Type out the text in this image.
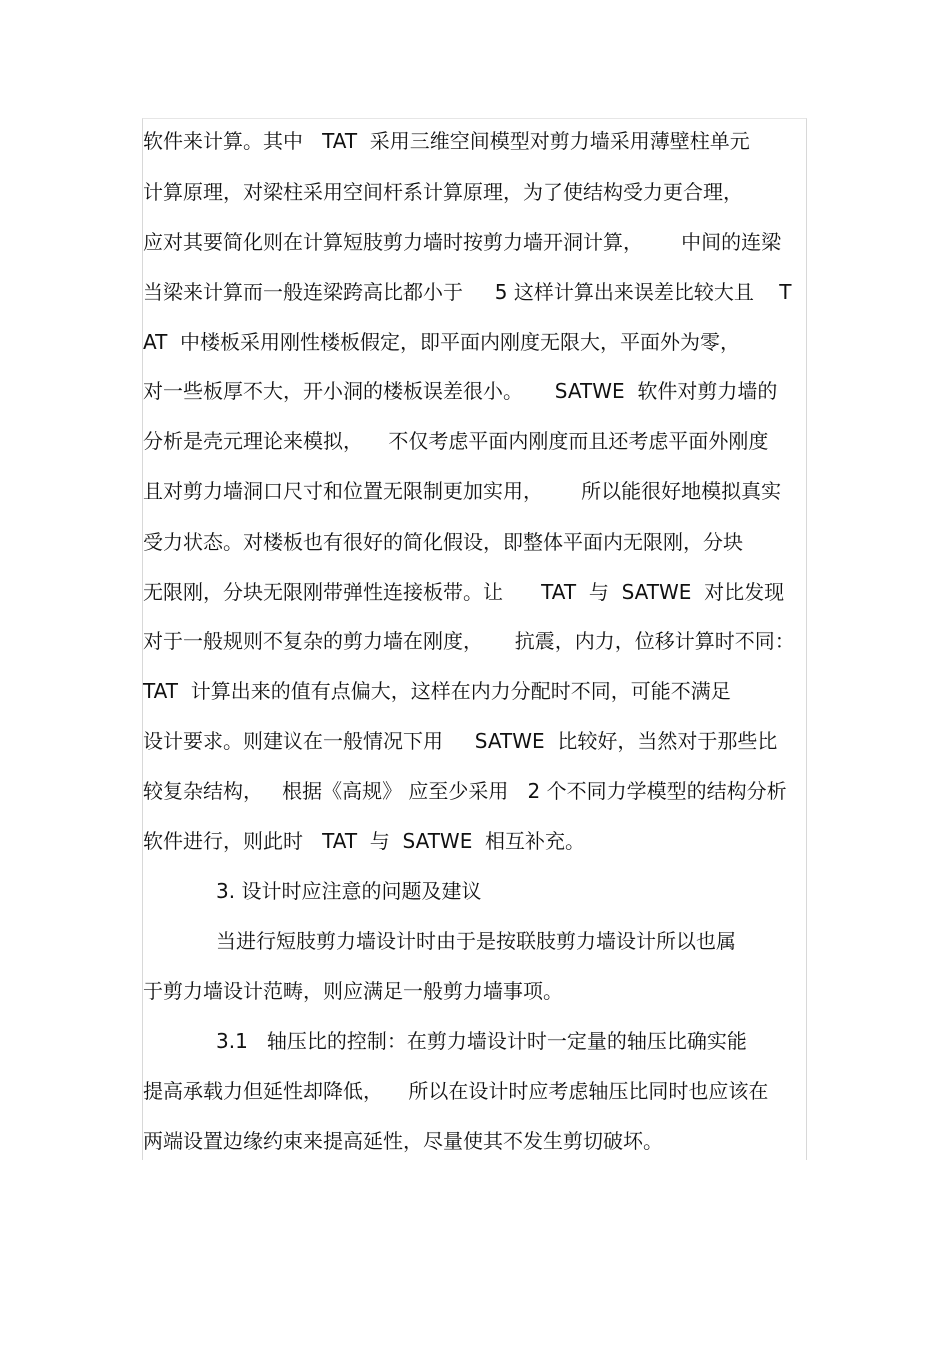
软件来计算。其中   TAT  采用三维空间模型对剪力墙采用薄壁柱单元
计算原理，对梁柱采用空间杆系计算原理，为了使结构受力更合理，
应对其要简化则在计算短肢剪力墙时按剪力墙开洞计算，      中间的连梁
当梁来计算而一般连梁跨高比都小于     5 这样计算出来误差比较大且    T
AT  中楼板采用刚性楼板假定，即平面内刚度无限大，平面外为零，
对一些板厚不大，开小洞的楼板误差很小。     SATWE  软件对剪力墙的
分析是壳元理论来模拟，    不仅考虑平面内刚度而且还考虑平面外刚度
且对剪力墙洞口尺寸和位置无限制更加实用，      所以能很好地模拟真实
受力状态。对楼板也有很好的简化假设，即整体平面内无限刚，分块
无限刚，分块无限刚带弹性连接板带。让      TAT  与  SATWE  对比发现
对于一般规则不复杂的剪力墙在刚度，     抗震，内力，位移计算时不同：
TAT  计算出来的值有点偏大，这样在内力分配时不同，可能不满足
设计要求。则建议在一般情况下用     SATWE  比较好，当然对于那些比
较复杂结构，   根据《高规》 应至少采用   2 个不同力学模型的结构分析
软件进行，则此时   TAT  与  SATWE  相互补充。
3. 设计时应注意的问题及建议
当进行短肢剪力墙设计时由于是按联肢剪力墙设计所以也属
于剪力墙设计范畴，则应满足一般剪力墙事项。
3.1   轴压比的控制：在剪力墙设计时一定量的轴压比确实能
提高承载力但延性却降低，    所以在设计时应考虑轴压比同时也应该在
两端设置边缘约束来提高延性，尽量使其不发生剪切破坏。
